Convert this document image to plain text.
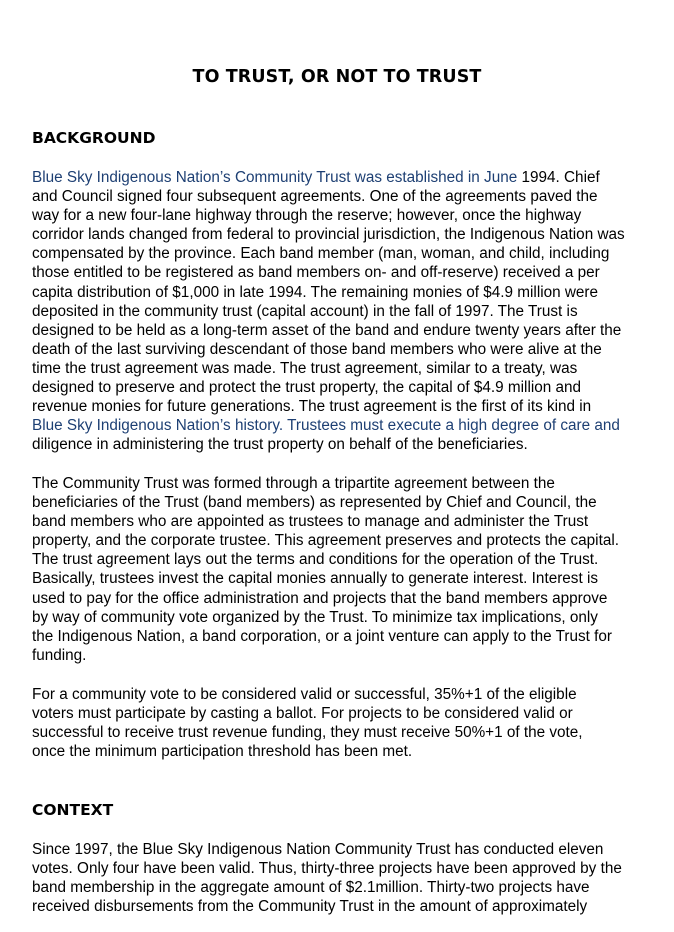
TO TRUST, OR NOT TO TRUST
BACKGROUND
Blue Sky Indigenous Nation’s Community Trust was established in June 1994. Chief
and Council signed four subsequent agreements. One of the agreements paved the
way for a new four-lane highway through the reserve; however, once the highway
corridor lands changed from federal to provincial jurisdiction, the Indigenous Nation was
compensated by the province. Each band member (man, woman, and child, including
those entitled to be registered as band members on- and off-reserve) received a per
capita distribution of $1,000 in late 1994. The remaining monies of $4.9 million were
deposited in the community trust (capital account) in the fall of 1997. The Trust is
designed to be held as a long-term asset of the band and endure twenty years after the
death of the last surviving descendant of those band members who were alive at the
time the trust agreement was made. The trust agreement, similar to a treaty, was
designed to preserve and protect the trust property, the capital of $4.9 million and
revenue monies for future generations. The trust agreement is the first of its kind in
Blue Sky Indigenous Nation’s history. Trustees must execute a high degree of care and
diligence in administering the trust property on behalf of the beneficiaries.
The Community Trust was formed through a tripartite agreement between the
beneficiaries of the Trust (band members) as represented by Chief and Council, the
band members who are appointed as trustees to manage and administer the Trust
property, and the corporate trustee. This agreement preserves and protects the capital.
The trust agreement lays out the terms and conditions for the operation of the Trust.
Basically, trustees invest the capital monies annually to generate interest. Interest is
used to pay for the office administration and projects that the band members approve
by way of community vote organized by the Trust. To minimize tax implications, only
the Indigenous Nation, a band corporation, or a joint venture can apply to the Trust for
funding.
For a community vote to be considered valid or successful, 35%+1 of the eligible
voters must participate by casting a ballot. For projects to be considered valid or
successful to receive trust revenue funding, they must receive 50%+1 of the vote,
once the minimum participation threshold has been met.
CONTEXT
Since 1997, the Blue Sky Indigenous Nation Community Trust has conducted eleven
votes. Only four have been valid. Thus, thirty-three projects have been approved by the
band membership in the aggregate amount of $2.1million. Thirty-two projects have
received disbursements from the Community Trust in the amount of approximately
